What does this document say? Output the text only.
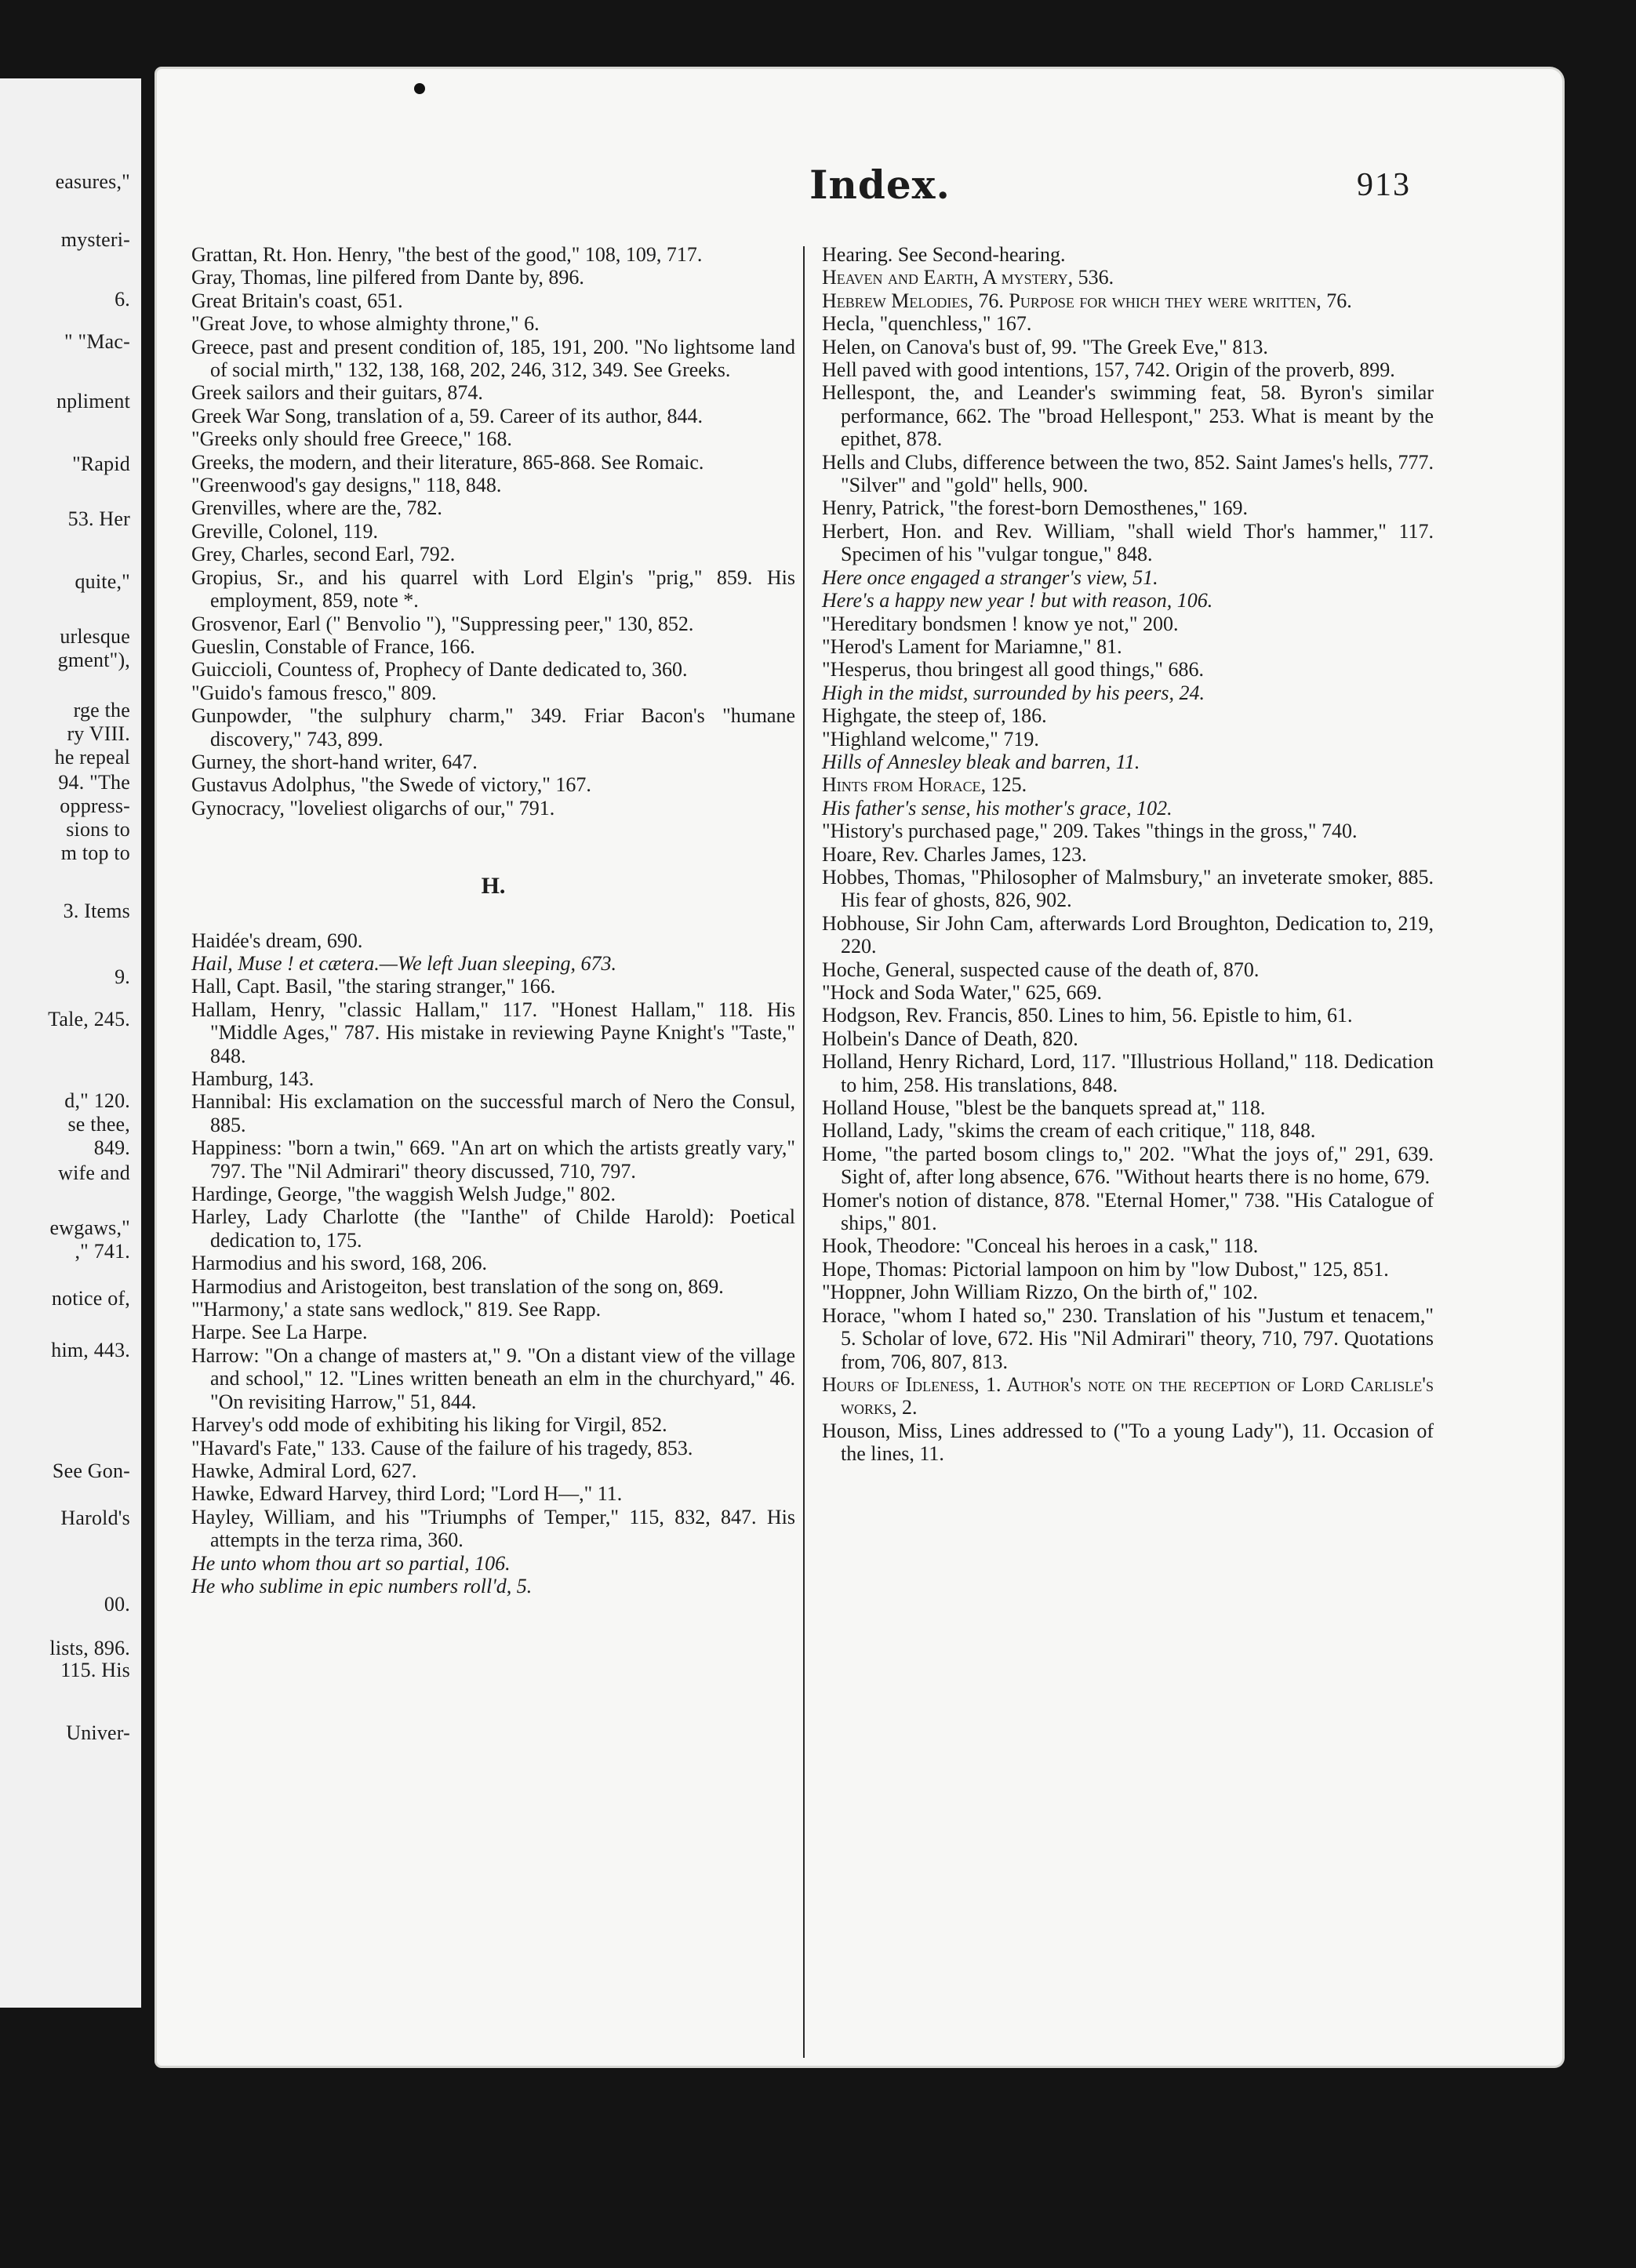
easures,"
mysteri-
6.
" "Mac-
npliment
"Rapid
53. Her
quite,"
urlesque
gment"),
rge the
ry VIII.
he repeal
94. "The
oppress-
sions to
m top to
3. Items
9.
Tale, 245.
d," 120.
se thee,
849.
wife and
ewgaws,"
," 741.
notice of,
him, 443.
See Gon-
Harold's
00.
lists, 896.
115. His
Univer-
Index.	913

Grattan, Rt. Hon. Henry, "the best of the good," 108, 109, 717.

Gray, Thomas, line pilfered from Dante by, 896.

Great Britain's coast, 651.

"Great Jove, to whose almighty throne," 6.

Greece, past and present condition of, 185, 191, 200. "No lightsome land of social mirth," 132, 138, 168, 202, 246, 312, 349. See Greeks.

Greek sailors and their guitars, 874.

Greek War Song, translation of a, 59. Career of its author, 844.

"Greeks only should free Greece," 168.

Greeks, the modern, and their literature, 865-868. See Romaic.

"Greenwood's gay designs," 118, 848.

Grenvilles, where are the, 782.

Greville, Colonel, 119.

Grey, Charles, second Earl, 792.

Gropius, Sr., and his quarrel with Lord Elgin's "prig," 859. His employment, 859, note *.

Grosvenor, Earl (" Benvolio "), "Suppressing peer," 130, 852.

Gueslin, Constable of France, 166.

Guiccioli, Countess of, Prophecy of Dante dedicated to, 360.

"Guido's famous fresco," 809.

Gunpowder, "the sulphury charm," 349. Friar Bacon's "humane discovery," 743, 899.

Gurney, the short-hand writer, 647.

Gustavus Adolphus, "the Swede of victory," 167.

Gynocracy, "loveliest oligarchs of our," 791.

H.

Haidée's dream, 690.

Hail, Muse ! et cætera.—We left Juan sleeping, 673.

Hall, Capt. Basil, "the staring stranger," 166.

Hallam, Henry, "classic Hallam," 117. "Honest Hallam," 118. His "Middle Ages," 787. His mistake in reviewing Payne Knight's "Taste," 848.

Hamburg, 143.

Hannibal: His exclamation on the successful march of Nero the Consul, 885.

Happiness: "born a twin," 669. "An art on which the artists greatly vary," 797. The "Nil Admirari" theory discussed, 710, 797.

Hardinge, George, "the waggish Welsh Judge," 802.

Harley, Lady Charlotte (the "Ianthe" of Childe Harold): Poetical dedication to, 175.

Harmodius and his sword, 168, 206.

Harmodius and Aristogeiton, best translation of the song on, 869.

"'Harmony,' a state sans wedlock," 819. See Rapp.

Harpe. See La Harpe.

Harrow: "On a change of masters at," 9. "On a distant view of the village and school," 12. "Lines written beneath an elm in the churchyard," 46. "On revisiting Harrow," 51, 844.

Harvey's odd mode of exhibiting his liking for Virgil, 852.

"Havard's Fate," 133. Cause of the failure of his tragedy, 853.

Hawke, Admiral Lord, 627.

Hawke, Edward Harvey, third Lord; "Lord H—," 11.

Hayley, William, and his "Triumphs of Temper," 115, 832, 847. His attempts in the terza rima, 360.

He unto whom thou art so partial, 106.

He who sublime in epic numbers roll'd, 5.

Hearing. See Second-hearing.

Heaven and Earth, A mystery, 536.

Hebrew Melodies, 76. Purpose for which they were written, 76.

Hecla, "quenchless," 167.

Helen, on Canova's bust of, 99. "The Greek Eve," 813.

Hell paved with good intentions, 157, 742. Origin of the proverb, 899.

Hellespont, the, and Leander's swimming feat, 58. Byron's similar performance, 662. The "broad Hellespont," 253. What is meant by the epithet, 878.

Hells and Clubs, difference between the two, 852. Saint James's hells, 777. "Silver" and "gold" hells, 900.

Henry, Patrick, "the forest-born Demosthenes," 169.

Herbert, Hon. and Rev. William, "shall wield Thor's hammer," 117. Specimen of his "vulgar tongue," 848.

Here once engaged a stranger's view, 51.

Here's a happy new year ! but with reason, 106.

"Hereditary bondsmen ! know ye not," 200.

"Herod's Lament for Mariamne," 81.

"Hesperus, thou bringest all good things," 686.

High in the midst, surrounded by his peers, 24.

Highgate, the steep of, 186.

"Highland welcome," 719.

Hills of Annesley bleak and barren, 11.

Hints from Horace, 125.

His father's sense, his mother's grace, 102.

"History's purchased page," 209. Takes "things in the gross," 740.

Hoare, Rev. Charles James, 123.

Hobbes, Thomas, "Philosopher of Malmsbury," an inveterate smoker, 885. His fear of ghosts, 826, 902.

Hobhouse, Sir John Cam, afterwards Lord Broughton, Dedication to, 219, 220.

Hoche, General, suspected cause of the death of, 870.

"Hock and Soda Water," 625, 669.

Hodgson, Rev. Francis, 850. Lines to him, 56. Epistle to him, 61.

Holbein's Dance of Death, 820.

Holland, Henry Richard, Lord, 117. "Illustrious Holland," 118. Dedication to him, 258. His translations, 848.

Holland House, "blest be the banquets spread at," 118.

Holland, Lady, "skims the cream of each critique," 118, 848.

Home, "the parted bosom clings to," 202. "What the joys of," 291, 639. Sight of, after long absence, 676. "Without hearts there is no home, 679.

Homer's notion of distance, 878. "Eternal Homer," 738. "His Catalogue of ships," 801.

Hook, Theodore: "Conceal his heroes in a cask," 118.

Hope, Thomas: Pictorial lampoon on him by "low Dubost," 125, 851.

"Hoppner, John William Rizzo, On the birth of," 102.

Horace, "whom I hated so," 230. Translation of his "Justum et tenacem," 5. Scholar of love, 672. His "Nil Admirari" theory, 710, 797. Quotations from, 706, 807, 813.

Hours of Idleness, 1. Author's note on the reception of Lord Carlisle's works, 2.

Houson, Miss, Lines addressed to ("To a young Lady"), 11. Occasion of the lines, 11.
